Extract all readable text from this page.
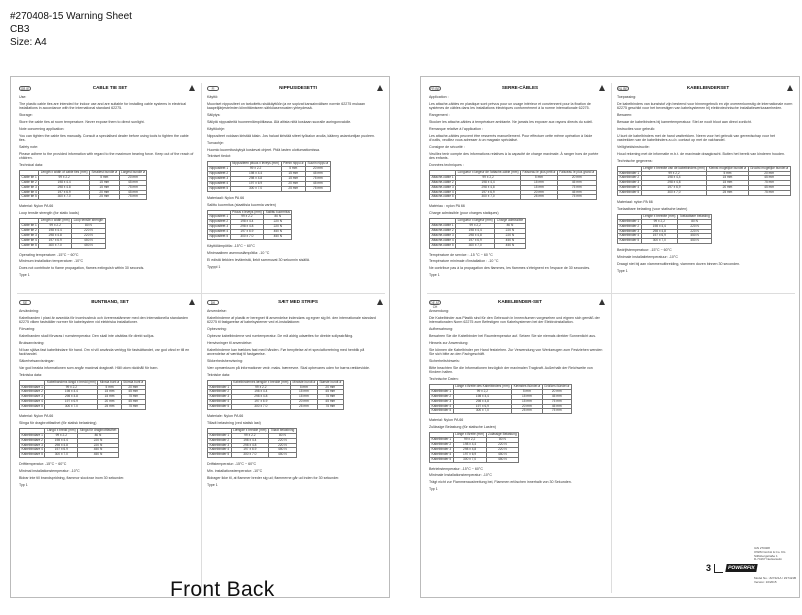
#270408-15 Warning Sheet
CB3
Size: A4
GB IE	CABLE TIE SET

Use:

The plastic cable ties are intended for indoor use and are suitable for installing cable systems in electrical installations in accordance with the international standard 62275.

Storage:

Store the cable ties at room temperature. Never expose them to direct sunlight.

Note concerning application:

You can tighten the cable ties manually. Consult a specialised dealer before using tools to tighten the cable ties.

Safety note:

Please adhere to the provided information with regard to the maximum bearing force. Keep out of the reach of children.

Technical data:

	Length x width of cable ties (mm)	Smallest bundle ø	Largest bundle ø
Cable tie 1	99 x 2.2	5 mm	20 mm
Cable tie 2	198 x 4.4	15 mm	45 mm
Cable tie 3	298 x 4.8	15 mm	75 mm
Cable tie 4	197 x 6.9	20 mm	45 mm
Cable tie 5	300 x 7.0	25 mm	75 mm

Material: Nylon PA 66

Loop tensile strength (for static loads)

	Length x width (mm)	Loop tensile strength
Cable tie 1	99 x 2.2	80 N
Cable tie 2	198 x 4.4	220 N
Cable tie 3	298 x 4.8	220 N
Cable tie 4	197 x 6.9	450 N
Cable tie 5	300 x 7.0	450 N

Operating temperature: -15°C ~ 60°C

Minimum installation temperature: -10°C

Does not contribute to flame propagation, flames extinguish within 30 seconds.

Type 1

FI	NIPPUSIDESETTI

Käyttö:

Muoviset nippusiteet on tarkoitettu sisäkäyttöön ja ne sopivat kansainvälisen normin 62275 mukaan kaapelijärjestelmien kiinnittämiseen sähköasennusten yhteydessä.

Säilytys:

Säilytä nippusiteitä huoneenlämpötilassa. Älä altista niitä koskaan suoralle auringonvalolle.

Käyttöohje:

Nippusiteet voidaan kiristää käsin. Jos haluat kiristää siteet työkalun avulla, käänny asiantuntijan puoleen.

Turvaohje:

Huomio kuormituskykyä koskevat ohjeet. Pidä lasten ulottumattomissa.

Tekniset tiedot:

	Nippusiteen pituus x leveys (mm)	Pienin nippu ø	Suurin nippu ø
Nippusiteet 1	99 x 2.2	5 mm	20 mm
Nippusiteet 2	198 x 4.4	15 mm	45 mm
Nippusiteet 3	298 x 4.8	15 mm	75 mm
Nippusiteet 4	197 x 6.9	20 mm	45 mm
Nippusiteet 5	300 x 7.0	25 mm	75 mm

Materiaali: Nylon PA 66

Salittu kuormitus (staattisia kuormia varten)

	Pituus x leveys (mm)	Sallittu kuormitus
Nippusiteet 1	99 x 2.2	80 N
Nippusiteet 2	198 x 4.4	220 N
Nippusiteet 3	298 x 4.8	220 N
Nippusiteet 4	197 x 6.9	450 N
Nippusiteet 5	300 x 7.0	450 N

Käyttölämpötila: -15°C ~ 60°C

Minimaalinen asennuslämpötila: -10 °C

Ei edistä liekkien leviämistä, liekit sammuvat 30 sekunnin sisällä.

Tyyppi 1

SE	BUNTBAND, SET

Användning:

Kabelbanden i plast är avsedda för inomhusbruk och överensstämmer med den internationella standarden 62275 vilken fastställer normer för kabelsystem vid elektriska installationer.

Förvaring:

Kabelbanden skall förvaras i rumstemperatur. Den skall inte utsättas för direkt solljus.

Bruksanvisning:

Ni kan själva fast kabelbindare för hand. Om ni vill använda verktyg för fastsättandet, var god vänd er till en fackhandel.

Säkerhetsanvisningar:

Var god beakta informationen som angår maximal dragkraft. Håll utom räckhåll för barn.

Tekniska data:

	Kabelbandens längd x bredd (mm)	Minsta bunt ø	Största bunt ø
Kabelbindare 1	99 x 2.2	5 mm	20 mm
Kabelbindare 2	198 x 4.4	15 mm	45 mm
Kabelbindare 3	298 x 4.8	15 mm	75 mm
Kabelbindare 4	197 x 6.9	20 mm	45 mm
Kabelbindare 5	300 x 7.0	25 mm	75 mm

Material: Nylon PA 66

Slinga för dragbrottfasthet (för statisk belastning)

	Längd x bredd (mm)	Slinga för dragbrottfasthet
Kabelbindare 1	99 x 2.2	80 N
Kabelbindare 2	198 x 4.4	220 N
Kabelbindare 3	298 x 4.8	220 N
Kabelbindare 4	197 x 6.9	450 N
Kabelbindare 5	300 x 7.0	450 N

Drifttemperatur: -15°C ~ 60°C

Minimal installationstemperatur: -10°C

Bidrar inte till brandspridning, flammor slocknar inom 30 sekunder.

Typ 1

DK	SÆT MED STRIPS

Anvendelse:

Kabelbinderne af plastik er beregnet til anvendelse indendørs og egner sig iht. den internationale standard 62275 til fastgørelse af kabelsystemer ved el-installationer.

Opbevaring:

Opbevar kabelbinderne ved rumtemperatur. De må aldrig udsættes for direkte sollysstråling.

Henvisninger til anvendelse:

Kabelbinderne kan trækkes fast med hånden. Før benyttelse af et specialforretning med henblik på anvendelse af værktøj til fastgørelse.

Sikkerhedshenvisning:

Vær opmærksom på informationer vedr. maks. bæreevne. Skal opbevares uden for børns rækkevidde.

Tekniske data:

	Kabelbindernes længde x bredde (mm)	Mindste bundt ø	Største bundt ø
Kabelbinder 1	99 x 2.2	5 mm	20 mm
Kabelbinder 2	198 x 4.4	15 mm	45 mm
Kabelbinder 3	298 x 4.8	15 mm	75 mm
Kabelbinder 4	197 x 6.9	20 mm	45 mm
Kabelbinder 5	300 x 7.0	25 mm	75 mm

Materiale: Nylon PA 66

Tilladt belastning (ved statisk last)

	Længde x bredde (mm)	Tilladt belastning
Kabelbinder 1	99 x 2.2	80 N
Kabelbinder 2	198 x 4.4	220 N
Kabelbinder 3	298 x 4.8	220 N
Kabelbinder 4	197 x 6.9	450 N
Kabelbinder 5	300 x 7.0	450 N

Driftstemperatur: -15°C ~ 60°C

Min. installationstemperatur: -10°C

Bidrager ikke til, at flammer breder sig ud; flammerne går ud inden for 30 sekunder.

Type 1

FR BE	SERRE-CÂBLES

Application :

Les attache-câbles en plastique sont prévus pour un usage intérieur et conviennent pour la fixation de systèmes de câbles dans les installations électriques conformément à la norme internationale 62275.

Rangement :

Stocker les attache-câbles à température ambiante. Ne jamais les exposer aux rayons directs du soleil.

Remarque relative à l'application :

Les attache-câbles peuvent être resserrés manuellement. Pour effectuer cette même opération à l'aide d'outils, veuillez vous adresser à un magasin spécialisé.

Consigne de sécurité :

Veuillez tenir compte des informations relatives à la capacité de charge maximale. À ranger hors de portée des enfants.

Données techniques :

	Longueur x largeur de l'attache-câble (mm)	Faisceau le plus petit ø	Faisceau le plus grand ø
Attache-câble 1	99 x 2,2	5 mm	20 mm
Attache-câble 2	198 x 4,4	15 mm	45 mm
Attache-câble 3	298 x 4,8	15 mm	75 mm
Attache-câble 4	197 x 6,9	20 mm	45 mm
Attache-câble 5	300 x 7,0	25 mm	75 mm

Matériau : nylon PA 66

Charge admissible (pour charges statiques)

	Longueur x largeur (mm)	Charge admissible
Attache-câble 1	99 x 2,2	80 N
Attache-câble 2	198 x 4,4	220 N
Attache-câble 3	298 x 4,8	220 N
Attache-câble 4	197 x 6,9	450 N
Attache-câble 5	300 x 7,0	450 N

Température de service : -15 °C ~ 60 °C

Température minimale d'installation : -10 °C

Ne contribue pas à la propagation des flammes, les flammes s'éteignent en l'espace de 30 secondes.

Type 1

NL BE	KABELBINDERSET

Toepassing:

De kabelbinders van kunststof zijn bestemd voor binnengebruik en zijn overeenkomstig de internationale norm 62275 geschikt voor het bevestigen van kabelsystemen bij elektrotechnische installatiewerkzaamheden.

Bewaren:

Bewaar de kabelbinders bij kamertemperatuur. Stel ze nooit bloot aan direct zonlicht.

Instructies voor gebruik:

U kunt de kabelbinders met de hand vasttrekken. Neem voor het gebruik van gereedschap voor het vastrekken van de kabelbinders a.u.b. contact op met de vakhandel.

Veiligheidsinstructie:

Houd rekening met de informatie m.b.t. de maximale draagkracht. Buiten het bereik van kinderen houden.

Technische gegevens:

	Lengte x breedte van de kabelbinders (mm)	Kleinst mogelijke bundel ø	Grootst mogelijke bundel ø
Kabelbinder 1	99 x 2,2	5 mm	20 mm
Kabelbinder 2	198 x 4,4	15 mm	45 mm
Kabelbinder 3	298 x 4,8	15 mm	75 mm
Kabelbinder 4	197 x 6,9	20 mm	45 mm
Kabelbinder 5	300 x 7,0	25 mm	75 mm

Materiaal: nylon PA 66

Toelaatbare belasting (voor statische lasten)

	Lengte x breedte (mm)	Toelaatbare belasting
Kabelbinder 1	99 x 2,2	80 N
Kabelbinder 2	198 x 4,4	220 N
Kabelbinder 3	298 x 4,8	220 N
Kabelbinder 4	197 x 6,9	450 N
Kabelbinder 5	300 x 7,0	450 N

Bedrijfstemperatuur: -15°C ~ 60°C

Minimale installatietemperatuur: -10°C

Draagt niet bij aan vlammenuitbreiding, vlammen doven binnen 30 seconden.

Type 1

DE AT CH
KABELBINDER-SET

Anwendung:

Die Kabelbinder aus Plastik sind für den Gebrauch in Innenräumen vorgesehen und eignen sich gemäß der internationalen Norm 62275 zum Befestigen von Kabelsystemen bei der Elektroinstallation.

Aufbewahrung:

Bewahren Sie die Kabelbinder bei Raumtemperatur auf. Setzen Sie sie niemals direkter Sonnenlicht aus.

Hinweis zur Anwendung:

Sie können die Kabelbinder per Hand festziehen. Zur Verwendung von Werkzeugen zum Festziehen wenden Sie sich bitte an den Fachgeschäft.

Sicherheitshinweis:

Bitte beachten Sie die Informationen bezüglich der maximalen Tragkraft. Außerhalb der Reichweite von Kindern halten.

Technische Daten:

	Länge x Breite des Kabelbinders (mm)	Kleinstes Bündel ø	Größtes Bündel ø
Kabelbinder 1	99 x 2,2	5 mm	20 mm
Kabelbinder 2	198 x 4,4	15 mm	45 mm
Kabelbinder 3	298 x 4,8	15 mm	75 mm
Kabelbinder 4	197 x 6,9	20 mm	45 mm
Kabelbinder 5	300 x 7,0	25 mm	75 mm

Material: Nylon PA 66

Zulässige Belastung (für statische Lasten)

	Länge x Breite (mm)	Zulässige Belastung
Kabelbinder 1	99 x 2,2	80 N
Kabelbinder 2	198 x 4,4	220 N
Kabelbinder 3	298 x 4,8	220 N
Kabelbinder 4	197 x 6,9	450 N
Kabelbinder 5	300 x 7,0	450 N

Betriebstemperatur: -15°C ~ 60°C

Minimale Installationstemperatur: -10°C

Trägt nicht zur Flammenausbreitung bei, Flammen erlöschen innerhalb von 30 Sekunden.

Typ 1

IAN 270408
OWIM GmbH & Co. KG
Stiftsbergstraße 1
D-74167 Neckarsulm
3	POWERFIX
Model No.: Z27421A / Z27421B
Version: 10/2015
Front Back
